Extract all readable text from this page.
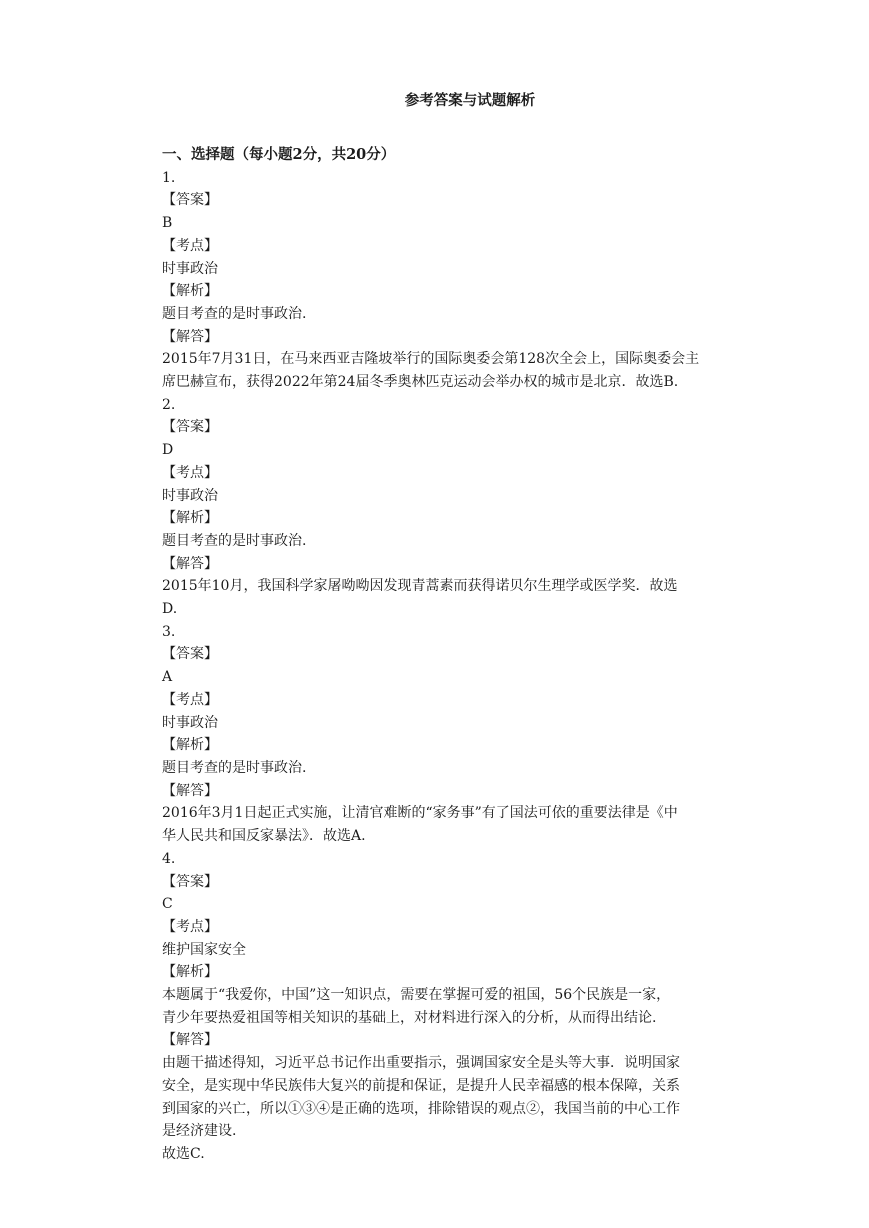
参考答案与试题解析
一、选择题（每小题2分，共20分）
1.
【答案】
B
【考点】
时事政治
【解析】
题目考查的是时事政治.
【解答】
2015年7月31日，在马来西亚吉隆坡举行的国际奥委会第128次全会上，国际奥委会主
席巴赫宣布，获得2022年第24届冬季奥林匹克运动会举办权的城市是北京．故选B.
2.
【答案】
D
【考点】
时事政治
【解析】
题目考查的是时事政治.
【解答】
2015年10月，我国科学家屠呦呦因发现青蒿素而获得诺贝尔生理学或医学奖．故选
D.
3.
【答案】
A
【考点】
时事政治
【解析】
题目考查的是时事政治.
【解答】
2016年3月1日起正式实施，让清官难断的“家务事”有了国法可依的重要法律是《中
华人民共和国反家暴法》．故选A.
4.
【答案】
C
【考点】
维护国家安全
【解析】
本题属于“我爱你，中国”这一知识点，需要在掌握可爱的祖国，56个民族是一家，
青少年要热爱祖国等相关知识的基础上，对材料进行深入的分析，从而得出结论.
【解答】
由题干描述得知，习近平总书记作出重要指示，强调国家安全是头等大事．说明国家
安全，是实现中华民族伟大复兴的前提和保证，是提升人民幸福感的根本保障，关系
到国家的兴亡，所以①③④是正确的选项，排除错误的观点②，我国当前的中心工作
是经济建设.
故选C.
